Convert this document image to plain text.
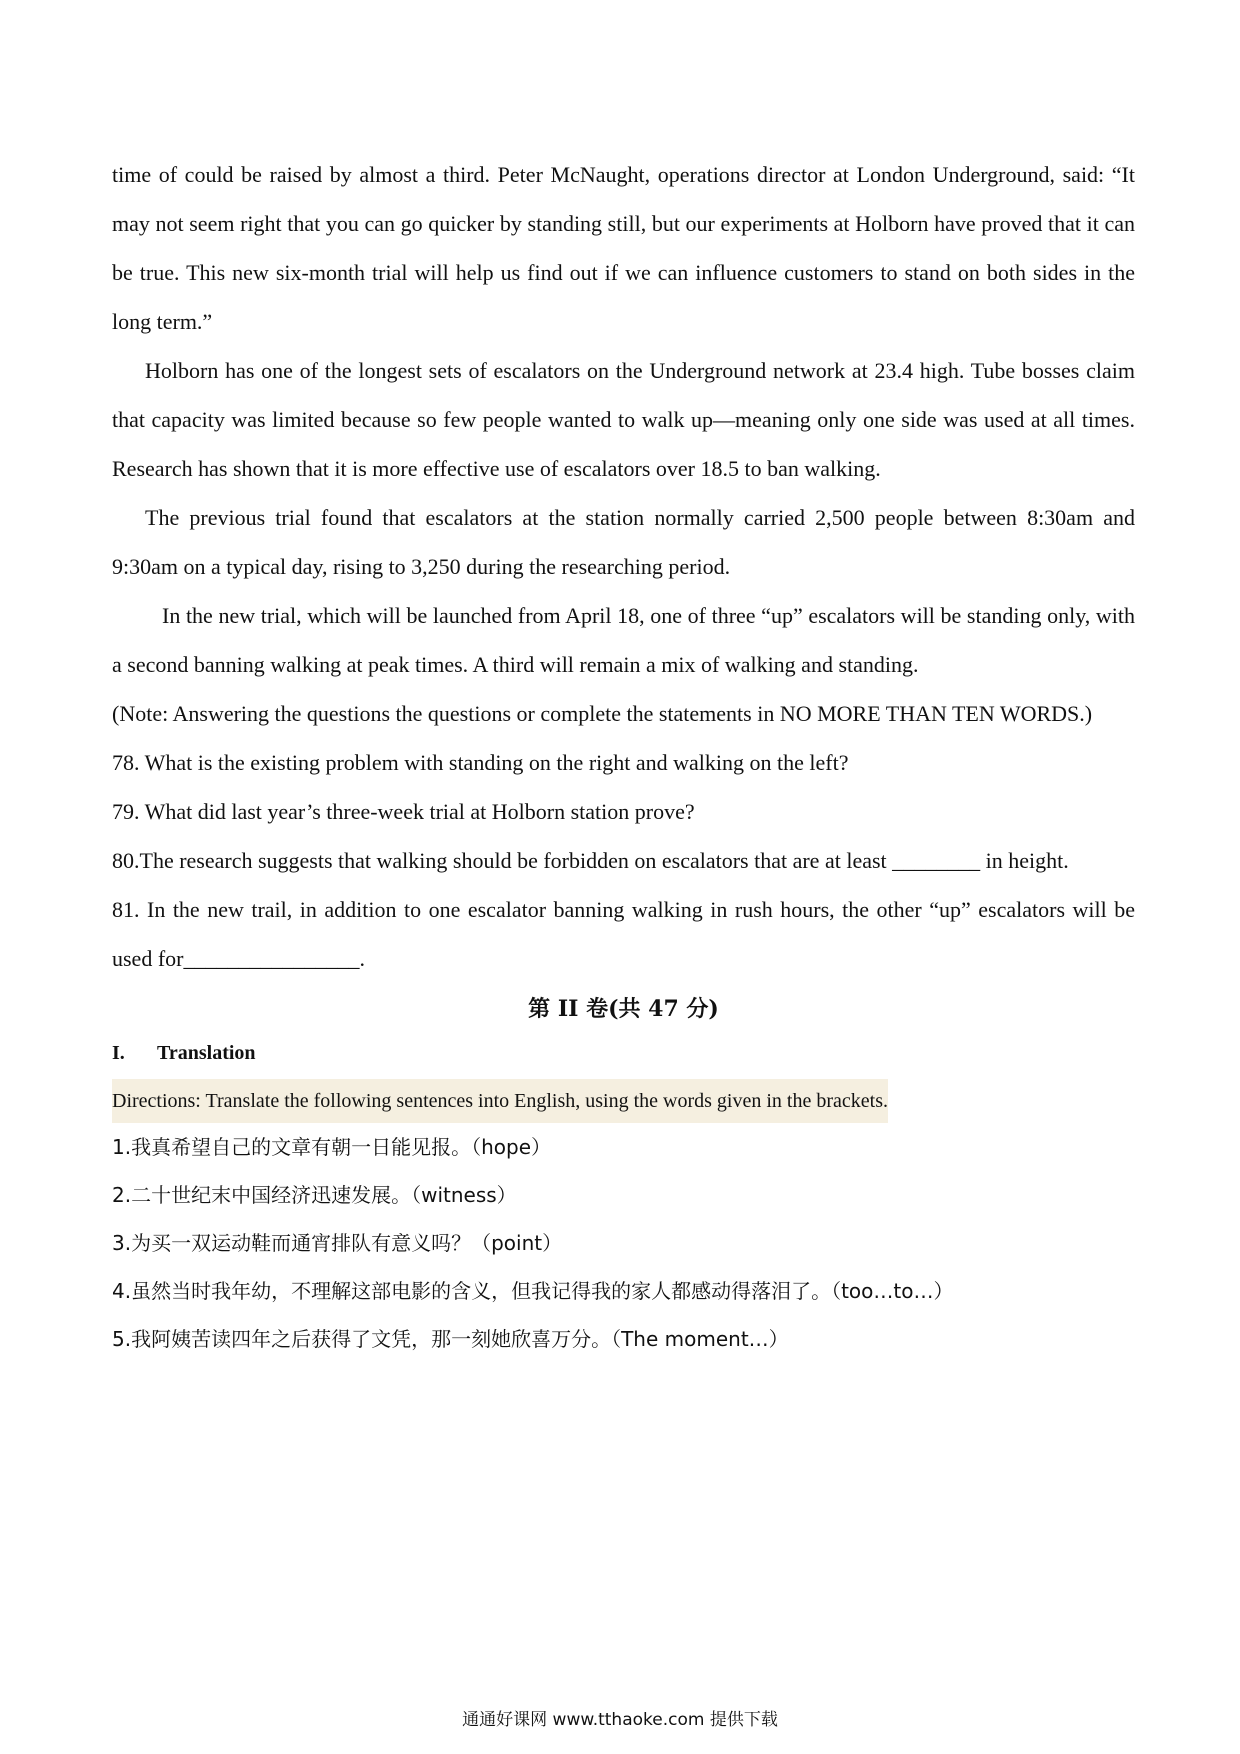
time of could be raised by almost a third. Peter McNaught, operations director at London Underground, said: “It may not seem right that you can go quicker by standing still, but our experiments at Holborn have proved that it can be true. This new six-month trial will help us find out if we can influence customers to stand on both sides in the long term.”

Holborn has one of the longest sets of escalators on the Underground network at 23.4 high. Tube bosses claim that capacity was limited because so few people wanted to walk up—meaning only one side was used at all times. Research has shown that it is more effective use of escalators over 18.5 to ban walking.

The previous trial found that escalators at the station normally carried 2,500 people between 8:30am and 9:30am on a typical day, rising to 3,250 during the researching period.

In the new trial, which will be launched from April 18, one of three “up” escalators will be standing only, with a second banning walking at peak times. A third will remain a mix of walking and standing.

(Note: Answering the questions the questions or complete the statements in NO MORE THAN TEN WORDS.)

78. What is the existing problem with standing on the right and walking on the left?

79. What did last year’s three-week trial at Holborn station prove?

80.The research suggests that walking should be forbidden on escalators that are at least ________ in height.

81. In the new trail, in addition to one escalator banning walking in rush hours, the other “up” escalators will be used for________________.

第 II 卷(共 47 分)

I. Translation

Directions: Translate the following sentences into English, using the words given in the brackets.

1.我真希望自己的文章有朝一日能见报。（hope）

2.二十世纪末中国经济迅速发展。（witness）

3.为买一双运动鞋而通宵排队有意义吗？（point）

4.虽然当时我年幼，不理解这部电影的含义，但我记得我的家人都感动得落泪了。（too…to…）

5.我阿姨苦读四年之后获得了文凭，那一刻她欣喜万分。（The moment…）

通通好课网 www.tthaoke.com 提供下载
